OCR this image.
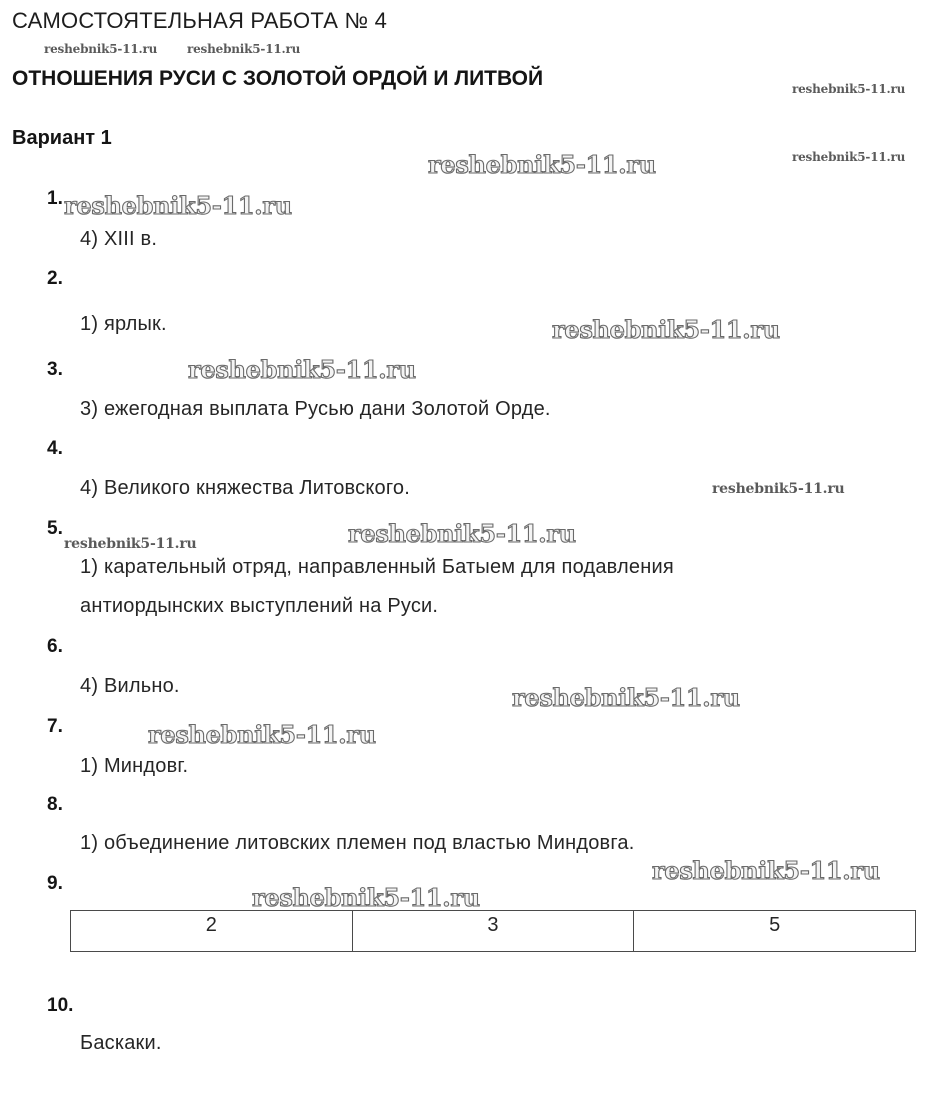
САМОСТОЯТЕЛЬНАЯ РАБОТА № 4
ОТНОШЕНИЯ РУСИ С ЗОЛОТОЙ ОРДОЙ И ЛИТВОЙ
Вариант 1
1.
4) XIII в.
2.
1) ярлык.
3.
3) ежегодная выплата Русью дани Золотой Орде.
4.
4) Великого княжества Литовского.
5.
1) карательный отряд, направленный Батыем для подавления
антиордынских выступлений на Руси.
6.
4) Вильно.
7.
1) Миндовг.
8.
1) объединение литовских племен под властью Миндовга.
9.
2	3	5
10.
Баскаки.
reshebnik5-11.ru reshebnik5-11.ru
reshebnik5-11.ru
reshebnik5-11.ru
reshebnik5-11.ru
reshebnik5-11.ru
reshebnik5-11.ru
reshebnik5-11.ru
reshebnik5-11.ru
reshebnik5-11.ru
reshebnik5-11.ru
reshebnik5-11.ru
reshebnik5-11.ru
reshebnik5-11.ru
reshebnik5-11.ru
